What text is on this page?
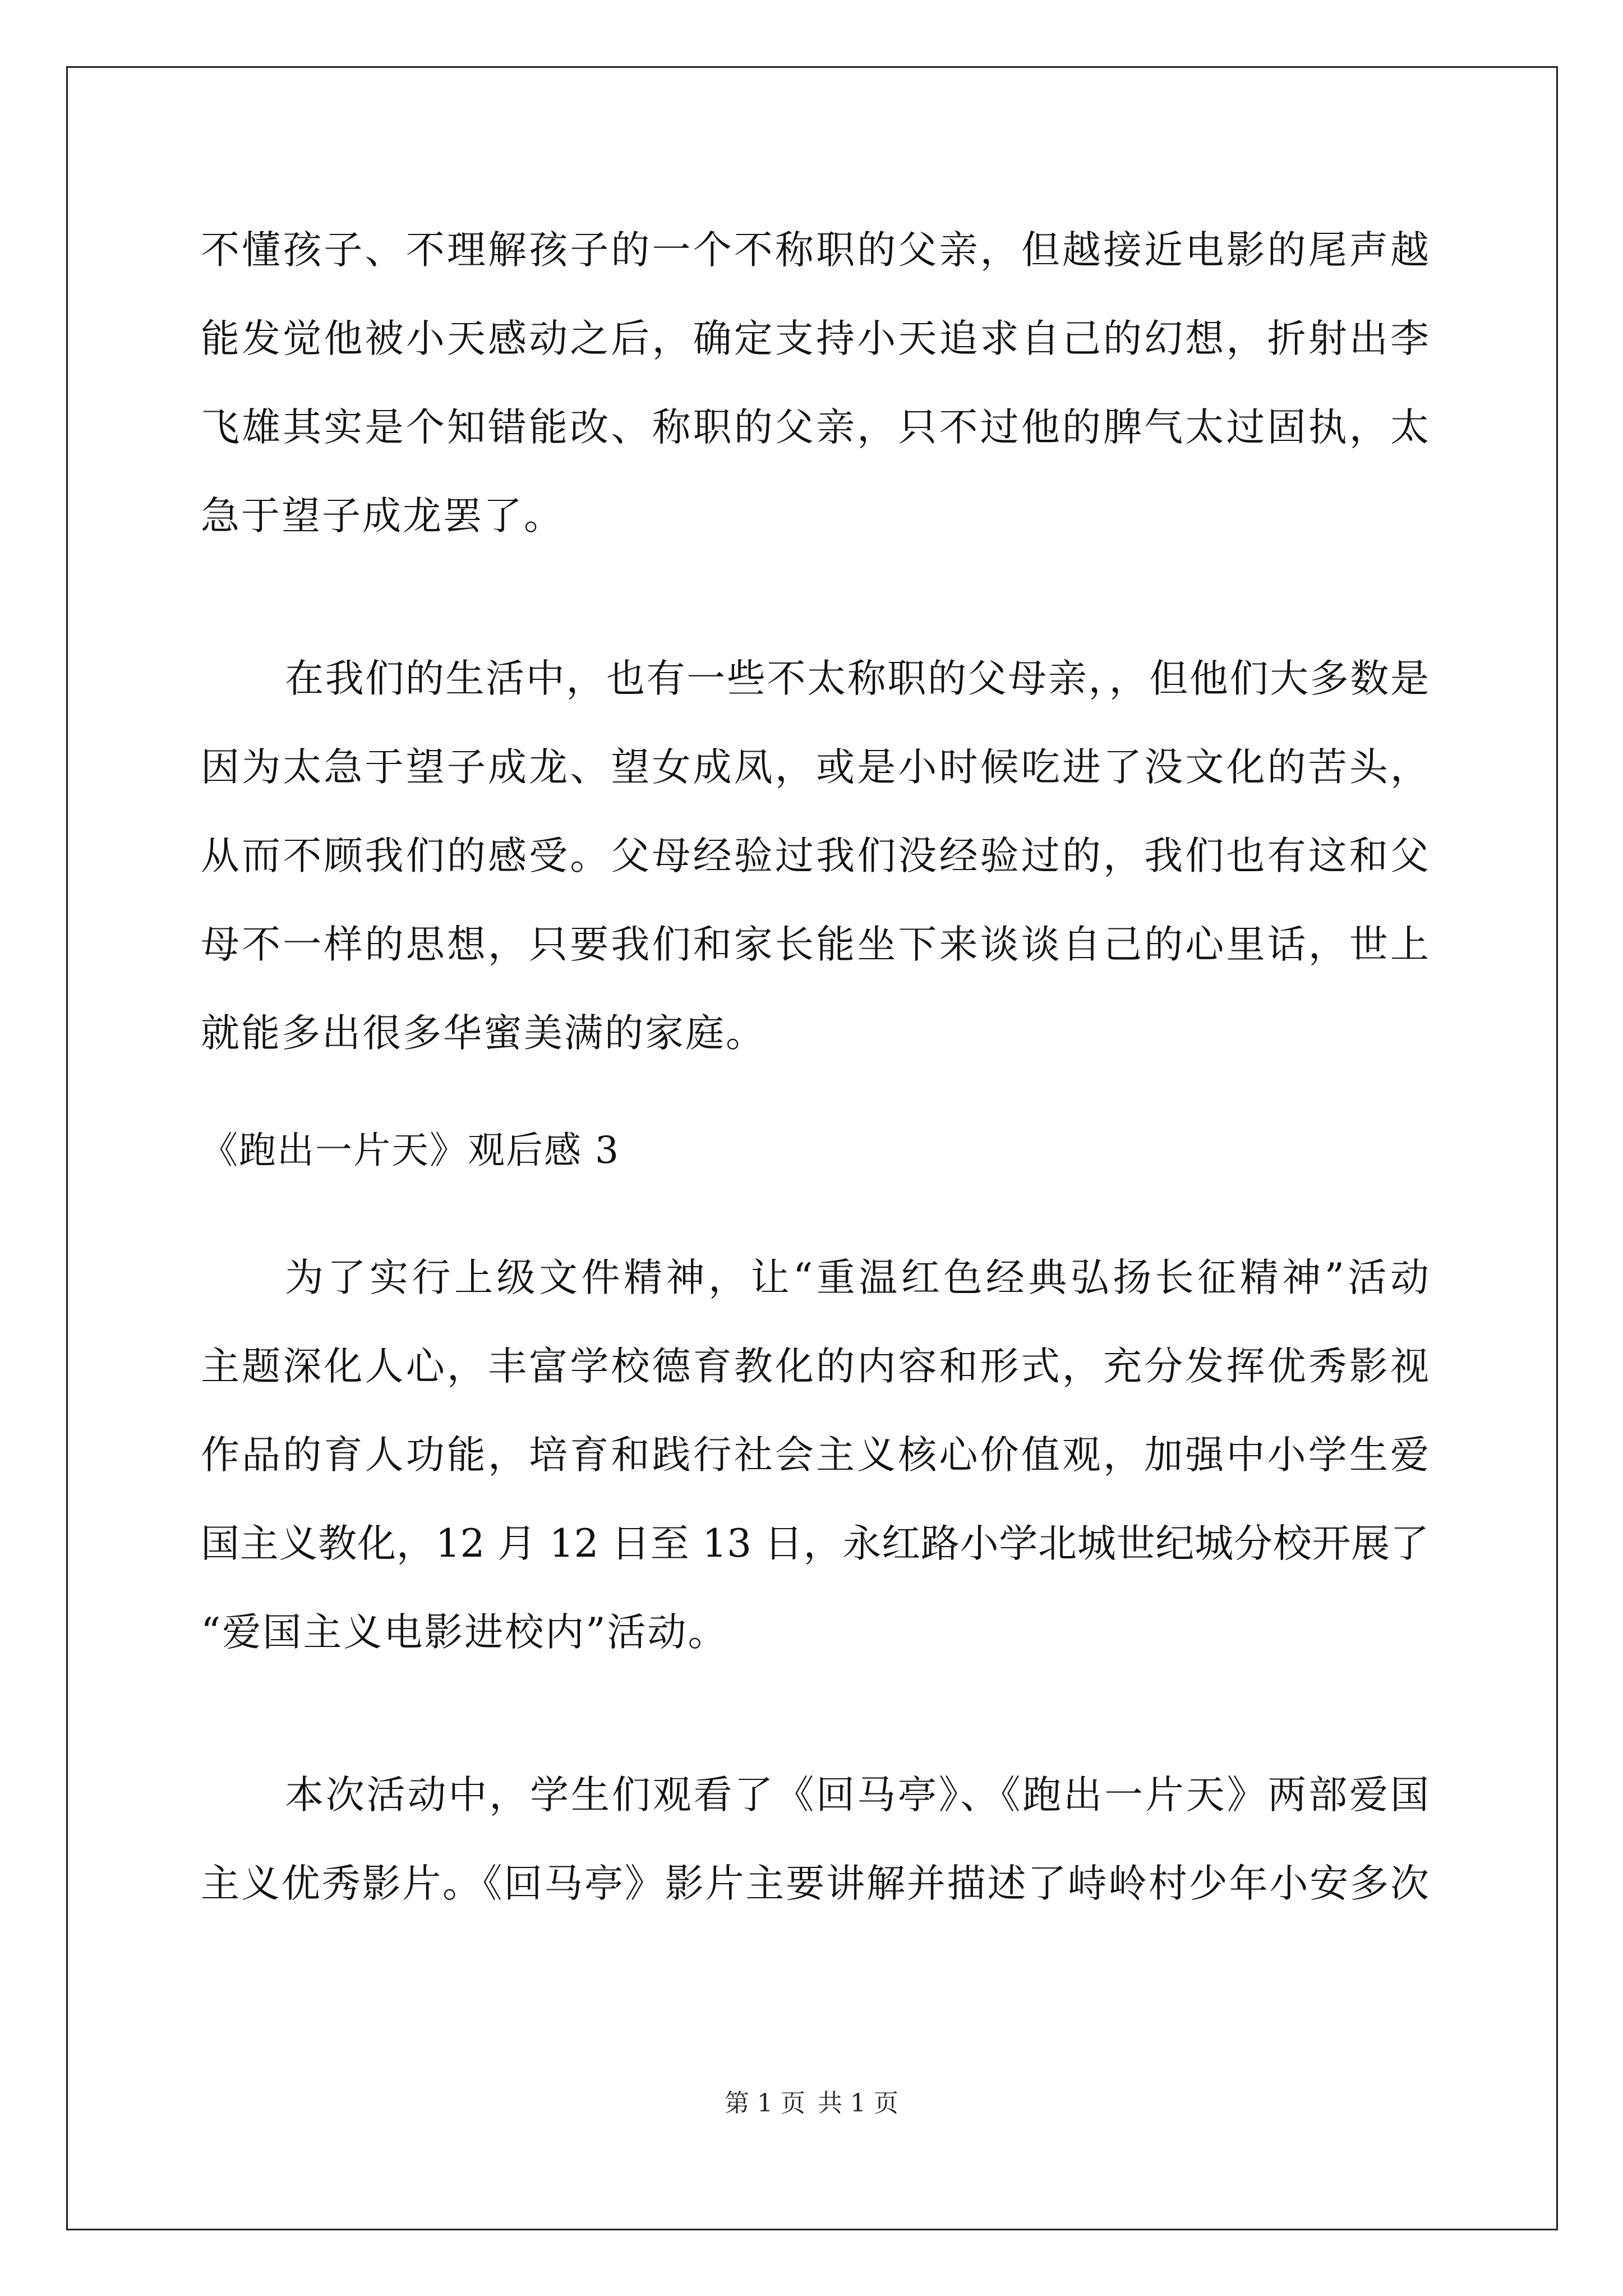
不懂孩子、不理解孩子的一个不称职的父亲，但越接近电影的尾声越
能发觉他被小天感动之后，确定支持小天追求自己的幻想，折射出李
飞雄其实是个知错能改、称职的父亲，只不过他的脾气太过固执，太
急于望子成龙罢了。
在我们的生活中，也有一些不太称职的父母亲，，但他们大多数是
因为太急于望子成龙、望女成凤，或是小时候吃进了没文化的苦头，
从而不顾我们的感受。父母经验过我们没经验过的，我们也有这和父
母不一样的思想，只要我们和家长能坐下来谈谈自己的心里话，世上
就能多出很多华蜜美满的家庭。
《跑出一片天》观后感 3
为了实行上级文件精神，让“重温红色经典弘扬长征精神”活动
主题深化人心，丰富学校德育教化的内容和形式，充分发挥优秀影视
作品的育人功能，培育和践行社会主义核心价值观，加强中小学生爱
国主义教化，12 月 12 日至 13 日，永红路小学北城世纪城分校开展了
“爱国主义电影进校内”活动。
本次活动中，学生们观看了《回马亭》、《跑出一片天》两部爱国
主义优秀影片。《回马亭》影片主要讲解并描述了峙岭村少年小安多次
第 1 页 共 1 页
